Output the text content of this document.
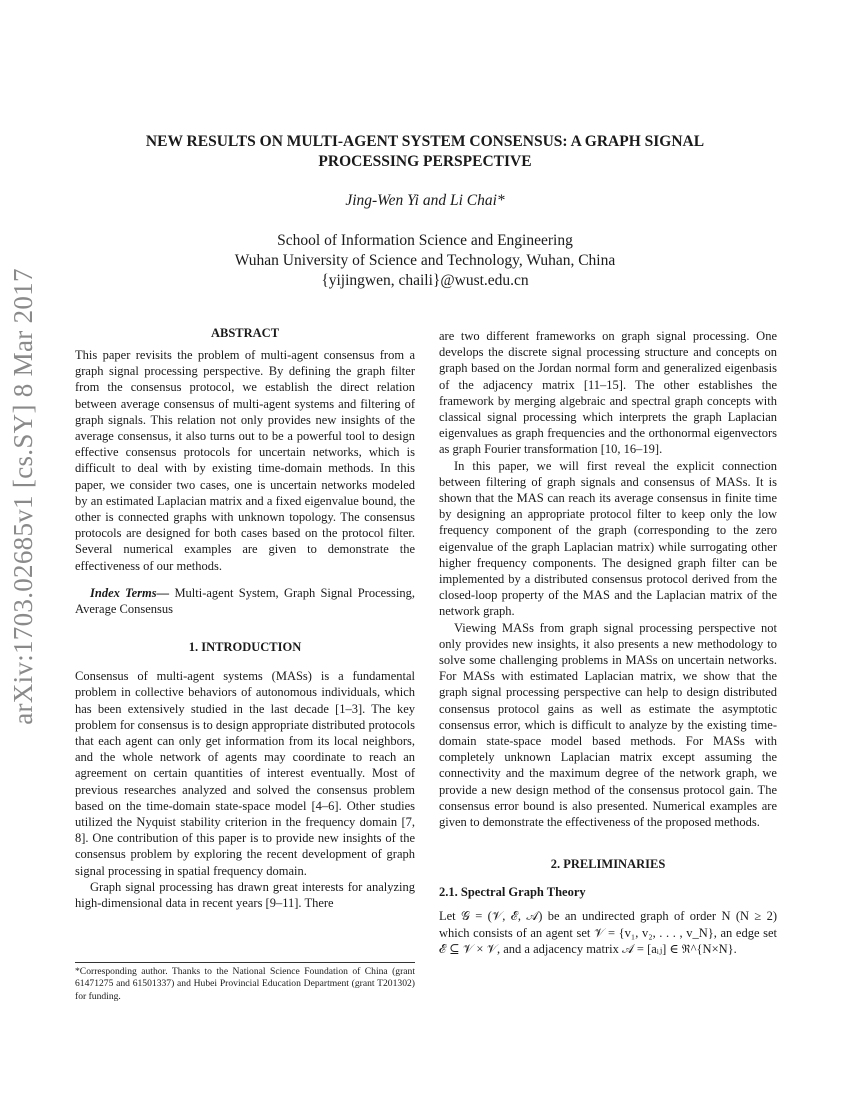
arXiv:1703.02685v1 [cs.SY] 8 Mar 2017
NEW RESULTS ON MULTI-AGENT SYSTEM CONSENSUS: A GRAPH SIGNAL PROCESSING PERSPECTIVE
Jing-Wen Yi and Li Chai*
School of Information Science and Engineering
Wuhan University of Science and Technology, Wuhan, China
{yijingwen, chaili}@wust.edu.cn
ABSTRACT

This paper revisits the problem of multi-agent consensus from a graph signal processing perspective. By defining the graph filter from the consensus protocol, we establish the direct relation between average consensus of multi-agent systems and filtering of graph signals. This relation not only provides new insights of the average consensus, it also turns out to be a powerful tool to design effective consensus protocols for uncertain networks, which is difficult to deal with by existing time-domain methods. In this paper, we consider two cases, one is uncertain networks modeled by an estimated Laplacian matrix and a fixed eigenvalue bound, the other is connected graphs with unknown topology. The consensus protocols are designed for both cases based on the protocol filter. Several numerical examples are given to demonstrate the effectiveness of our methods.

Index Terms— Multi-agent System, Graph Signal Processing, Average Consensus

1. INTRODUCTION

Consensus of multi-agent systems (MASs) is a fundamental problem in collective behaviors of autonomous individuals, which has been extensively studied in the last decade [1–3]. The key problem for consensus is to design appropriate distributed protocols that each agent can only get information from its local neighbors, and the whole network of agents may coordinate to reach an agreement on certain quantities of interest eventually. Most of previous researches analyzed and solved the consensus problem based on the time-domain state-space model [4–6]. Other studies utilized the Nyquist stability criterion in the frequency domain [7, 8]. One contribution of this paper is to provide new insights of the consensus problem by exploring the recent development of graph signal processing in spatial frequency domain.

Graph signal processing has drawn great interests for analyzing high-dimensional data in recent years [9–11]. There

are two different frameworks on graph signal processing. One develops the discrete signal processing structure and concepts on graph based on the Jordan normal form and generalized eigenbasis of the adjacency matrix [11–15]. The other establishes the framework by merging algebraic and spectral graph concepts with classical signal processing which interprets the graph Laplacian eigenvalues as graph frequencies and the orthonormal eigenvectors as graph Fourier transformation [10, 16–19].

In this paper, we will first reveal the explicit connection between filtering of graph signals and consensus of MASs. It is shown that the MAS can reach its average consensus in finite time by designing an appropriate protocol filter to keep only the low frequency component of the graph (corresponding to the zero eigenvalue of the graph Laplacian matrix) while surrogating other higher frequency components. The designed graph filter can be implemented by a distributed consensus protocol derived from the closed-loop property of the MAS and the Laplacian matrix of the network graph.

Viewing MASs from graph signal processing perspective not only provides new insights, it also presents a new methodology to solve some challenging problems in MASs on uncertain networks. For MASs with estimated Laplacian matrix, we show that the graph signal processing perspective can help to design distributed consensus protocol gains as well as estimate the asymptotic consensus error, which is difficult to analyze by the existing time-domain state-space model based methods. For MASs with completely unknown Laplacian matrix except assuming the connectivity and the maximum degree of the network graph, we provide a new design method of the consensus protocol gain. The consensus error bound is also presented. Numerical examples are given to demonstrate the effectiveness of the proposed methods.

2. PRELIMINARIES
2.1. Spectral Graph Theory

Let 𝒢 = (𝒱, ℰ, 𝒜) be an undirected graph of order N (N ≥ 2) which consists of an agent set 𝒱 = {v₁, v₂, . . . , v_N}, an edge set ℰ ⊆ 𝒱 × 𝒱, and a adjacency matrix 𝒜 = [aᵢⱼ] ∈ ℜ^{N×N}.

*Corresponding author. Thanks to the National Science Foundation of China (grant 61471275 and 61501337) and Hubei Provincial Education Department (grant T201302) for funding.
